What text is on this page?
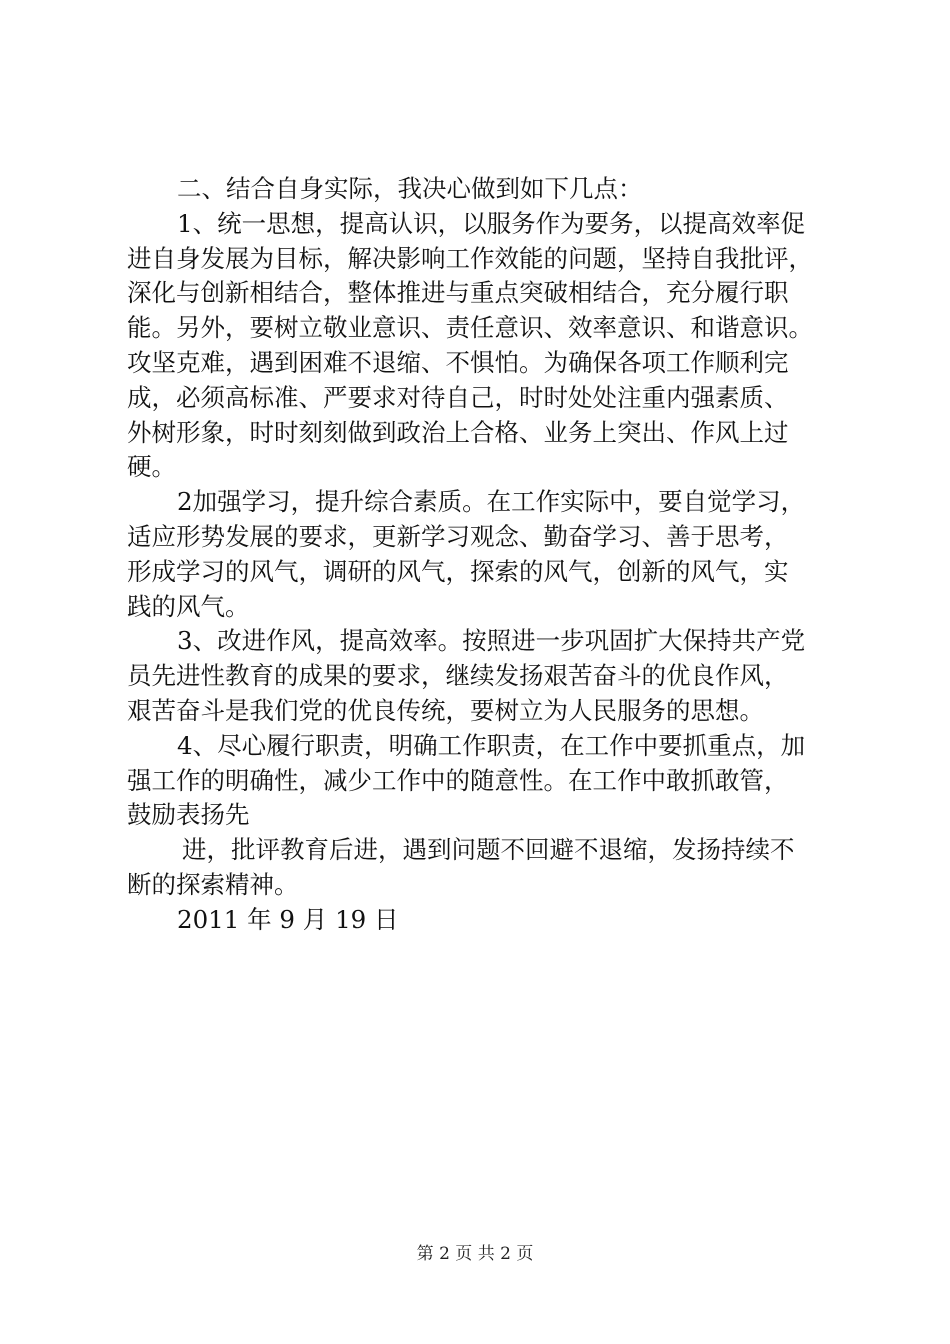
二、结合自身实际，我决心做到如下几点：
1、统一思想，提高认识，以服务作为要务，以提高效率促
进自身发展为目标，解决影响工作效能的问题，坚持自我批评，
深化与创新相结合，整体推进与重点突破相结合，充分履行职
能。另外，要树立敬业意识、责任意识、效率意识、和谐意识。
攻坚克难，遇到困难不退缩、不惧怕。为确保各项工作顺利完
成，必须高标准、严要求对待自己，时时处处注重内强素质、
外树形象，时时刻刻做到政治上合格、业务上突出、作风上过
硬。
2加强学习，提升综合素质。在工作实际中，要自觉学习，
适应形势发展的要求，更新学习观念、勤奋学习、善于思考，
形成学习的风气，调研的风气，探索的风气，创新的风气，实
践的风气。
3、改进作风，提高效率。按照进一步巩固扩大保持共产党
员先进性教育的成果的要求，继续发扬艰苦奋斗的优良作风，
艰苦奋斗是我们党的优良传统，要树立为人民服务的思想。
4、尽心履行职责，明确工作职责，在工作中要抓重点，加
强工作的明确性，减少工作中的随意性。在工作中敢抓敢管，
鼓励表扬先
进，批评教育后进，遇到问题不回避不退缩，发扬持续不
断的探索精神。
2011 年 9 月 19 日
第 2 页 共 2 页
